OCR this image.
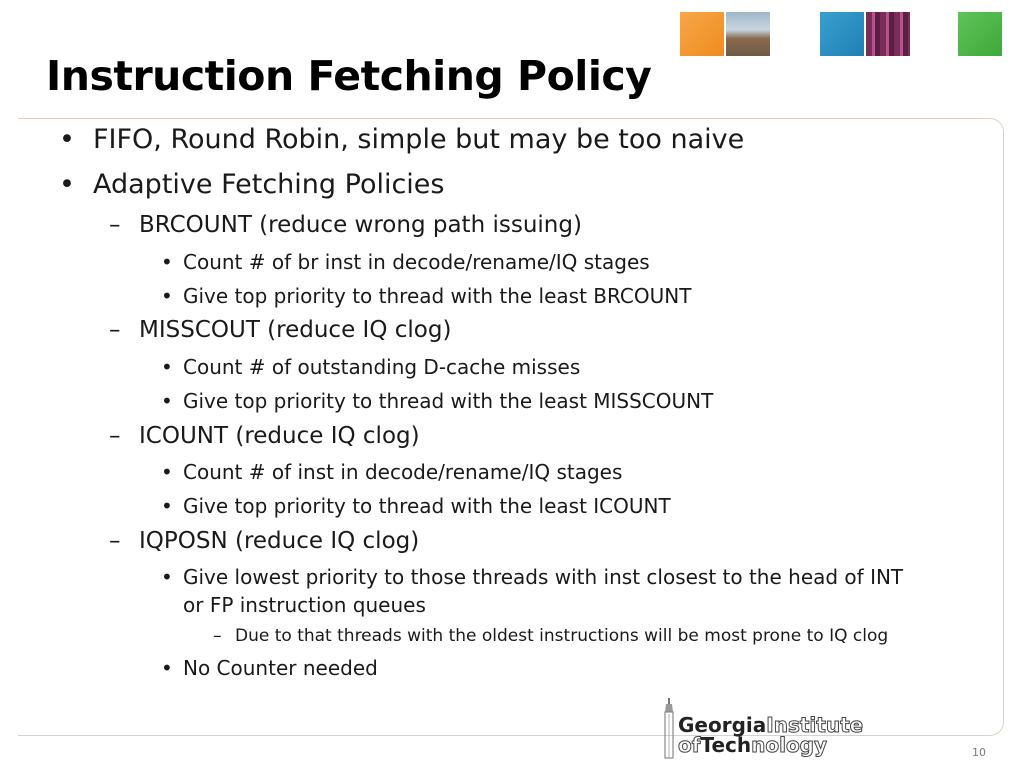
Instruction Fetching Policy
• FIFO, Round Robin, simple but may be too naive
• Adaptive Fetching Policies
– BRCOUNT (reduce wrong path issuing)
• Count # of br inst in decode/rename/IQ stages
• Give top priority to thread with the least BRCOUNT
– MISSCOUT (reduce IQ clog)
• Count # of outstanding D-cache misses
• Give top priority to thread with the least MISSCOUNT
– ICOUNT (reduce IQ clog)
• Count # of inst in decode/rename/IQ stages
• Give top priority to thread with the least ICOUNT
– IQPOSN (reduce IQ clog)
• Give lowest priority to those threads with inst closest to the head of INT
or FP instruction queues
– Due to that threads with the oldest instructions will be most prone to IQ clog
• No Counter needed
GeorgiaInstitute
ofTechnology	10
